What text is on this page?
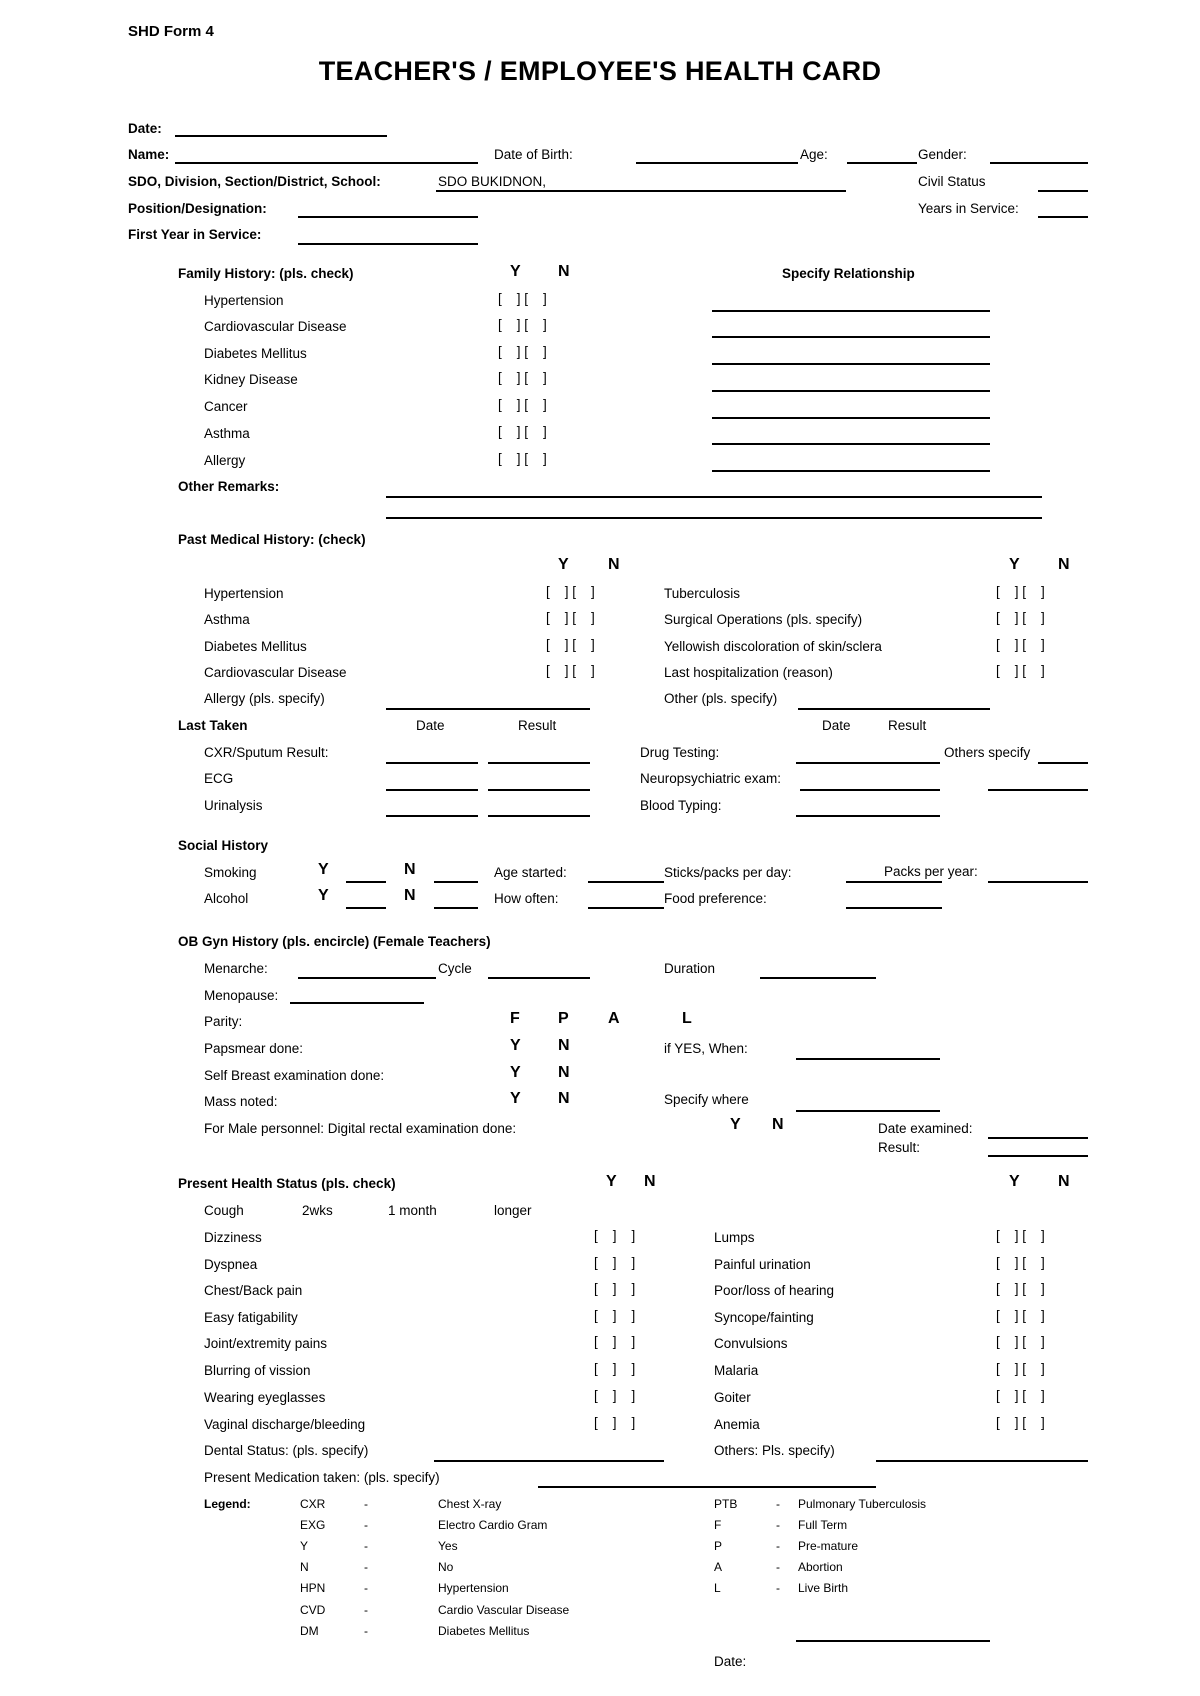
SHD Form 4
TEACHER'S / EMPLOYEE'S HEALTH CARD
Date:
Name:	Date of Birth:	Age:	Gender:
SDO, Division, Section/District, School:	SDO BUKIDNON,	Civil Status
Position/Designation:	Years in Service:
First Year in Service:
Family History: (pls. check)	Y N	Specify Relationship
Hypertension	[    ] [    ]
Cardiovascular Disease	[    ] [    ]
Diabetes Mellitus	[    ] [    ]
Kidney Disease	[    ] [    ]
Cancer	[    ] [    ]
Asthma	[    ] [    ]
Allergy	[    ] [    ]
Other Remarks:
Past Medical History: (check)
Y N	Y N
Hypertension	[    ] [    ]	Tuberculosis	[    ] [    ]
Asthma	[    ] [    ]	Surgical Operations (pls. specify)	[    ] [    ]
Diabetes Mellitus	[    ] [    ]	Yellowish discoloration of skin/sclera	[    ] [    ]
Cardiovascular Disease	[    ] [    ]	Last hospitalization (reason)	[    ] [    ]
Allergy (pls. specify)	Other (pls. specify)
Last Taken	Date	Result	Date	Result
CXR/Sputum Result:	Drug Testing:	Others specify
ECG	Neuropsychiatric exam:
Urinalysis	Blood Typing:
Social History
Smoking	Y	N	Age started:	Sticks/packs per day:	Packs per year:
Alcohol	Y	N	How often:	Food preference:
OB Gyn History (pls. encircle) (Female Teachers)
Menarche:	Cycle	Duration
Menopause:
Parity:	F P A	L
Papsmear done:	Y N	if YES, When:
Self Breast examination done:	Y N
Mass noted:	Y N	Specify where
For Male personnel: Digital rectal examination done:	Y N	Date examined:
Result:
Present Health Status (pls. check)	Y N	Y N
Cough	2wks	1 month	longer
Dizziness	[    ]    ]	Lumps	[    ] [    ]
Dyspnea	[    ]    ]	Painful urination	[    ] [    ]
Chest/Back pain	[    ]    ]	Poor/loss of hearing	[    ] [    ]
Easy fatigability	[    ]    ]	Syncope/fainting	[    ] [    ]
Joint/extremity pains	[    ]    ]	Convulsions	[    ] [    ]
Blurring of vission	[    ]    ]	Malaria	[    ] [    ]
Wearing eyeglasses	[    ]    ]	Goiter	[    ] [    ]
Vaginal discharge/bleeding	[    ]    ]	Anemia	[    ] [    ]
Dental Status: (pls. specify)	Others: Pls. specify)
Present Medication taken: (pls. specify)
Legend:	CXR	-	Chest X-ray
EXG	-	Electro Cardio Gram
Y	-	Yes
N	-	No
HPN	-	Hypertension
CVD	-	Cardio Vascular Disease
DM	-	Diabetes Mellitus
PTB	- Pulmonary Tuberculosis
F	- Full Term
P	- Pre-mature
A	- Abortion
L	- Live Birth
Date:
